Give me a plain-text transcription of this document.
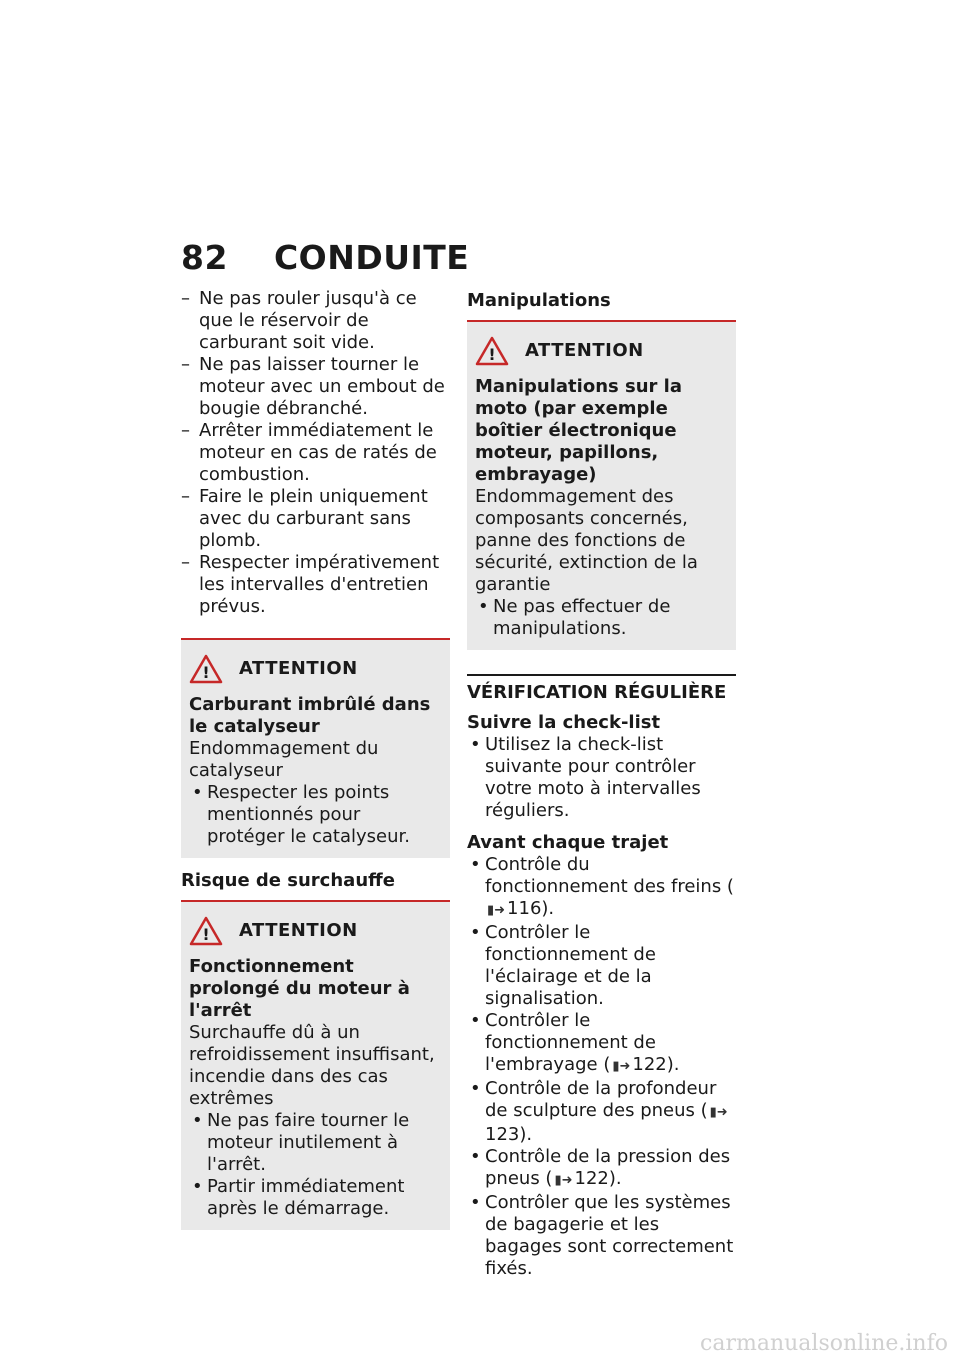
82 CONDUITE
– Ne pas rouler jusqu'à ce que le réservoir de carburant soit vide.
– Ne pas laisser tourner le moteur avec un embout de bougie débranché.
– Arrêter immédiatement le moteur en cas de ratés de combustion.
– Faire le plein uniquement avec du carburant sans plomb.
– Respecter impérativement les intervalles d'entretien prévus.
! ATTENTION
Carburant imbrûlé dans le catalyseur
Endommagement du catalyseur
• Respecter les points mentionnés pour protéger le catalyseur.
Risque de surchauffe
! ATTENTION
Fonctionnement prolongé du moteur à l'arrêt
Surchauffe dû à un refroidissement insuffisant, incendie dans des cas extrêmes
• Ne pas faire tourner le moteur inutilement à l'arrêt.
• Partir immédiatement après le démarrage.
Manipulations
! ATTENTION
Manipulations sur la moto (par exemple boîtier électronique moteur, papillons, embrayage)
Endommagement des composants concernés, panne des fonctions de sécurité, extinction de la garantie
• Ne pas effectuer de manipulations.
VÉRIFICATION RÉGULIÈRE
Suivre la check-list
• Utilisez la check-list suivante pour contrôler votre moto à intervalles réguliers.
Avant chaque trajet
• Contrôle du fonctionnement des freins (▮➜ 116).
• Contrôler le fonctionnement de l'éclairage et de la signalisation.
• Contrôler le fonctionnement de l'embrayage ( ▮➜ 122).
• Contrôle de la profondeur de sculpture des pneus ( ▮➜123).
• Contrôle de la pression des pneus ( ▮➜ 122).
• Contrôler que les systèmes de bagagerie et les bagages sont correctement fixés.
carmanualsonline.info
